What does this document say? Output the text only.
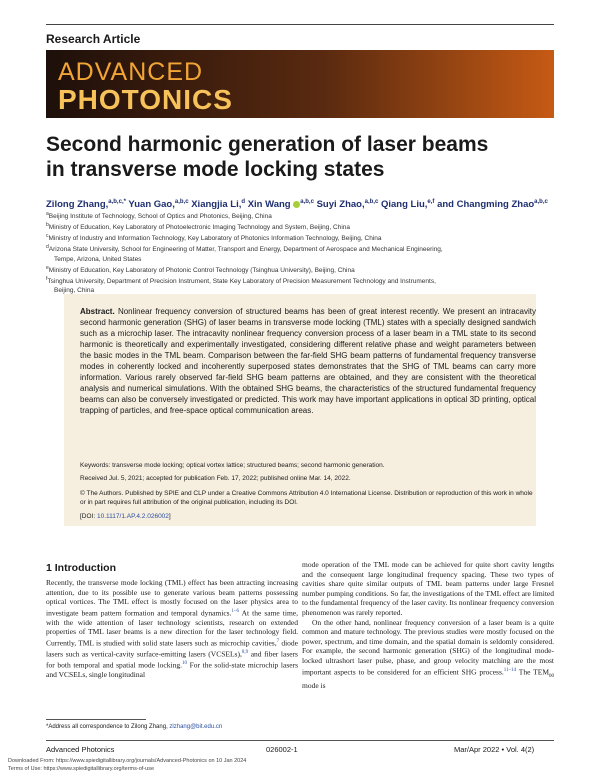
Research Article
ADVANCED
PHOTONICS
Second harmonic generation of laser beams
in transverse mode locking states
Zilong Zhang,$^{a,b,c,*}$ Yuan Gao,$^{a,b,c}$ Xiangjia Li,$^d$ Xin Wang $^{a,b,c}$ Suyi Zhao,$^{a,b,c}$ Qiang Liu,$^{e,f}$ and Changming Zhao$^{a,b,c}$

$^a$Beijing Institute of Technology, School of Optics and Photonics, Beijing, China

$^b$Ministry of Education, Key Laboratory of Photoelectronic Imaging Technology and System, Beijing, China

$^c$Ministry of Industry and Information Technology, Key Laboratory of Photonics Information Technology, Beijing, China

$^d$Arizona State University, School for Engineering of Matter, Transport and Energy, Department of Aerospace and Mechanical Engineering,

Tempe, Arizona, United States

$^e$Ministry of Education, Key Laboratory of Photonic Control Technology (Tsinghua University), Beijing, China

$^f$Tsinghua University, Department of Precision Instrument, State Key Laboratory of Precision Measurement Technology and Instruments,

Beijing, China

Abstract. Nonlinear frequency conversion of structured beams has been of great interest recently. We present an intracavity second harmonic generation (SHG) of laser beams in transverse mode locking (TML) states with a specially designed sandwich such as a microchip laser. The intracavity nonlinear frequency conversion process of a laser beam in a TML state to its second harmonic is theoretically and experimentally investigated, considering different relative phase and weight parameters between the basic modes in the TML beam. Comparison between the far-field SHG beam patterns of fundamental frequency transverse modes in coherently locked and incoherently superposed states demonstrates that the SHG of TML beams can carry more information. Various rarely observed far-field SHG beam patterns are obtained, and they are consistent with the theoretical analysis and numerical simulations. With the obtained SHG beams, the characteristics of the structured fundamental frequency beams can also be conversely investigated or predicted. This work may have important applications in optical 3D printing, optical trapping of particles, and free-space optical communication areas.
Keywords: transverse mode locking; optical vortex lattice; structured beams; second harmonic generation.
Received Jul. 5, 2021; accepted for publication Feb. 17, 2022; published online Mar. 14, 2022.
© The Authors. Published by SPIE and CLP under a Creative Commons Attribution 4.0 International License. Distribution or reproduction of this work in whole or in part requires full attribution of the original publication, including its DOI.
[DOI: 10.1117/1.AP.4.2.026002]
1 Introduction

Recently, the transverse mode locking (TML) effect has been attracting increasing attention, due to its possible use to generate various beam patterns possessing optical vortices. The TML effect is mostly focused on the laser physics area to investigate beam pattern formation and temporal dynamics.$^{1-6}$ At the same time, with the wide attention of laser technology scientists, research on extended properties of TML laser beams is a new direction for the laser technology field. Currently, TML is studied with solid state lasers such as microchip cavities,$^7$ diode lasers such as vertical-cavity surface-emitting lasers (VCSELs),$^{8,9}$ and fiber lasers for both temporal and spatial mode locking.$^{10}$ For the solid-state microchip lasers and VCSELs, single longitudinal

mode operation of the TML mode can be achieved for quite short cavity lengths and the consequent large longitudinal frequency spacing. These two types of cavities share quite similar outputs of TML beam patterns under large Fresnel number pumping conditions. So far, the investigations of the TML effect are limited to the fundamental frequency of the laser cavity. Its nonlinear frequency conversion phenomenon was rarely reported.

On the other hand, nonlinear frequency conversion of a laser beam is a quite common and mature technology. The previous studies were mostly focused on the power, spectrum, and time domain, and the spatial domain is seldomly considered. For example, the second harmonic generation (SHG) of the longitudinal mode-locked ultrashort laser pulse, phase, and group velocity matching are the most important aspects to be considered for an efficient SHG process.$^{11-14}$ The $TEM_{00}$ mode is

*Address all correspondence to Zilong Zhang, zlzhang@bit.edu.cn
Advanced Photonics	026002-1	Mar/Apr 2022 • Vol. 4(2)
Downloaded From: https://www.spiedigitallibrary.org/journals/Advanced-Photonics on 10 Jan 2024
Terms of Use: https://www.spiedigitallibrary.org/terms-of-use
